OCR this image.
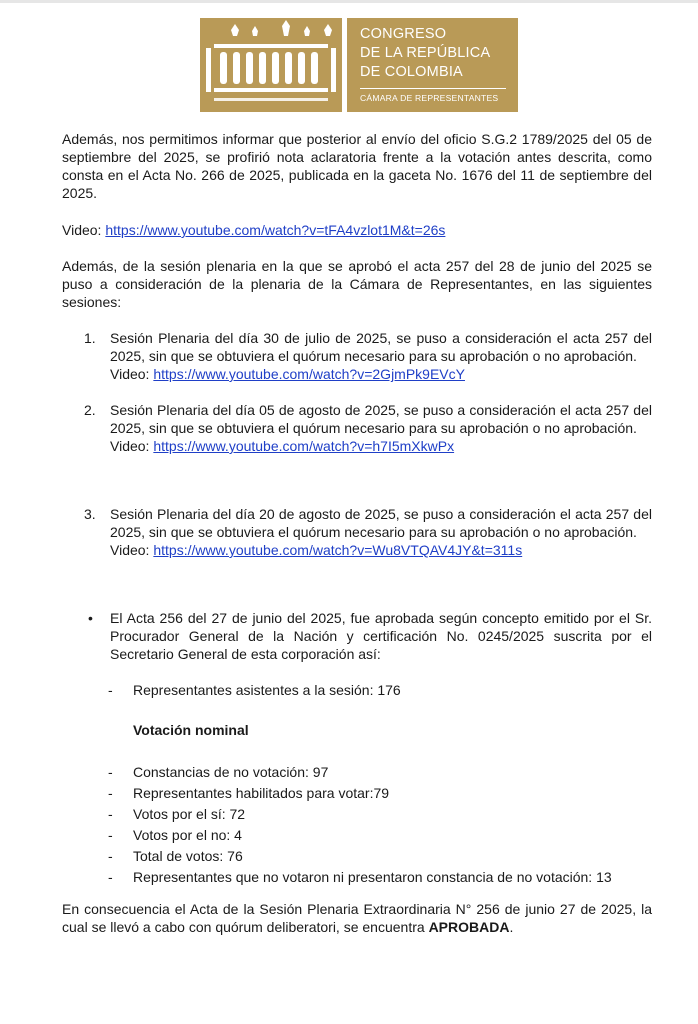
CONGRESO
DE LA REPÚBLICA
DE COLOMBIA
CÁMARA DE REPRESENTANTES
Además, nos permitimos informar que posterior al envío del oficio S.G.2 1789/2025 del 05 de septiembre del 2025, se profirió nota aclaratoria frente a la votación antes descrita, como consta en el Acta No. 266 de 2025, publicada en la gaceta No. 1676 del 11 de septiembre del 2025.
Video: https://www.youtube.com/watch?v=tFA4vzlot1M&t=26s
Además, de la sesión plenaria en la que se aprobó el acta 257 del 28 de junio del 2025 se puso a consideración de la plenaria de la Cámara de Representantes, en las siguientes sesiones:
1. Sesión Plenaria del día 30 de julio de 2025, se puso a consideración el acta 257 del 2025, sin que se obtuviera el quórum necesario para su aprobación o no aprobación.
Video: https://www.youtube.com/watch?v=2GjmPk9EVcY
2. Sesión Plenaria del día 05 de agosto de 2025, se puso a consideración el acta 257 del 2025, sin que se obtuviera el quórum necesario para su aprobación o no aprobación.
Video: https://www.youtube.com/watch?v=h7I5mXkwPx
3. Sesión Plenaria del día 20 de agosto de 2025, se puso a consideración el acta 257 del 2025, sin que se obtuviera el quórum necesario para su aprobación o no aprobación.
Video: https://www.youtube.com/watch?v=Wu8VTQAV4JY&t=311s
• El Acta 256 del 27 de junio del 2025, fue aprobada según concepto emitido por el Sr. Procurador General de la Nación y certificación No. 0245/2025 suscrita por el Secretario General de esta corporación así:
- Representantes asistentes a la sesión: 176
Votación nominal
- Constancias de no votación: 97
- Representantes habilitados para votar:79
- Votos por el sí: 72
- Votos por el no: 4
- Total de votos: 76
- Representantes que no votaron ni presentaron constancia de no votación: 13
En consecuencia el Acta de la Sesión Plenaria Extraordinaria N° 256 de junio 27 de 2025, la cual se llevó a cabo con quórum deliberatori, se encuentra APROBADA.
